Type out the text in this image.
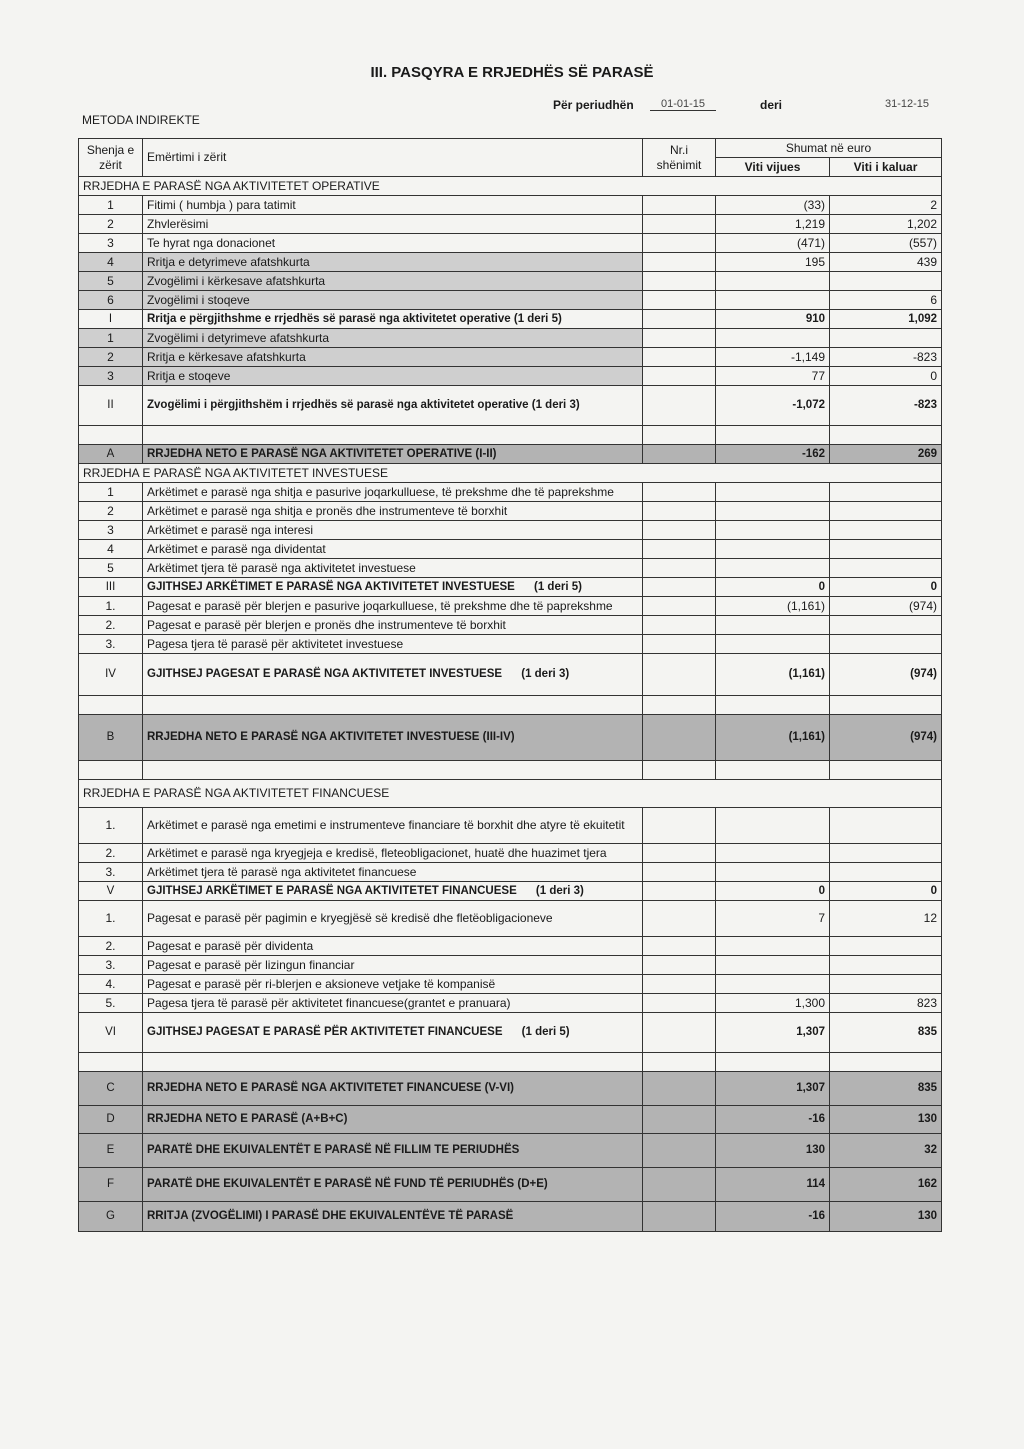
III. PASQYRA E RRJEDHËS SË PARASË
Për periudhën	01-01-15	deri	31-12-15
METODA INDIREKTE
Shenja e zërit	Emërtimi i zërit	Nr.i shënimit	Shumat në euro	
			Viti vijues	Viti i kaluar
RRJEDHA E PARASË NGA AKTIVITETET OPERATIVE				
1	Fitimi ( humbja ) para tatimit		(33)	2
2	Zhvlerësimi		1,219	1,202
3	Te hyrat nga donacionet		(471)	(557)
4	Rritja e detyrimeve afatshkurta		195	439
5	Zvogëlimi i kërkesave afatshkurta			
6	Zvogëlimi i stoqeve			6
I	Rritja e përgjithshme e rrjedhës së parasë nga aktivitetet operative (1 deri 5)		910	1,092
1	Zvogëlimi i detyrimeve afatshkurta			
2	Rritja e kërkesave afatshkurta		-1,149	-823
3	Rritja e stoqeve		77	0
II	Zvogëlimi i përgjithshëm i rrjedhës së parasë nga aktivitetet operative (1 deri 3)		-1,072	-823

A	RRJEDHA NETO E PARASË NGA AKTIVITETET OPERATIVE (I-II)		-162	269
RRJEDHA E PARASË NGA AKTIVITETET INVESTUESE				
1	Arkëtimet e parasë nga shitja e pasurive joqarkulluese, të prekshme dhe të paprekshme			
2	Arkëtimet e parasë nga shitja e pronës dhe instrumenteve të borxhit			
3	Arkëtimet e parasë nga interesi			
4	Arkëtimet e parasë nga dividentat			
5	Arkëtimet tjera të parasë nga aktivitetet investuese			
III	GJITHSEJ ARKËTIMET E PARASË NGA AKTIVITETET INVESTUESE      (1 deri 5)		0	0
1.	Pagesat e parasë për blerjen e pasurive joqarkulluese, të prekshme dhe të paprekshme		(1,161)	(974)
2.	Pagesat e parasë për blerjen e pronës dhe instrumenteve të borxhit			
3.	Pagesa tjera të parasë për aktivitetet investuese			
IV	GJITHSEJ PAGESAT E PARASË NGA AKTIVITETET INVESTUESE      (1 deri 3)		(1,161)	(974)

B	RRJEDHA NETO E PARASË NGA AKTIVITETET INVESTUESE (III-IV)		(1,161)	(974)

RRJEDHA E PARASË NGA AKTIVITETET FINANCUESE				
1.	Arkëtimet e parasë nga emetimi e instrumenteve financiare të borxhit dhe atyre të ekuitetit			
2.	Arkëtimet e parasë nga kryegjeja e kredisë, fleteobligacionet, huatë dhe huazimet tjera			
3.	Arkëtimet tjera të parasë nga aktivitetet financuese			
V	GJITHSEJ ARKËTIMET E PARASË NGA AKTIVITETET FINANCUESE      (1 deri 3)		0	0
1.	Pagesat e parasë për pagimin e kryegjësë së kredisë dhe fletëobligacioneve		7	12
2.	Pagesat e parasë për dividenta			
3.	Pagesat e parasë për lizingun financiar			
4.	Pagesat e parasë për ri-blerjen e aksioneve vetjake të kompanisë			
5.	Pagesa tjera të parasë për aktivitetet financuese(grantet e pranuara)		1,300	823
VI	GJITHSEJ PAGESAT E PARASË PËR AKTIVITETET FINANCUESE      (1 deri 5)		1,307	835

C	RRJEDHA NETO E PARASË NGA AKTIVITETET FINANCUESE (V-VI)		1,307	835
D	RRJEDHA NETO E PARASË (A+B+C)		-16	130
E	PARATË DHE EKUIVALENTËT E PARASË NË FILLIM TE PERIUDHËS		130	32
F	PARATË DHE EKUIVALENTËT E PARASË NË FUND TË PERIUDHËS (D+E)		114	162
G	RRITJA (ZVOGËLIMI) I PARASË DHE EKUIVALENTËVE TË PARASË		-16	130
